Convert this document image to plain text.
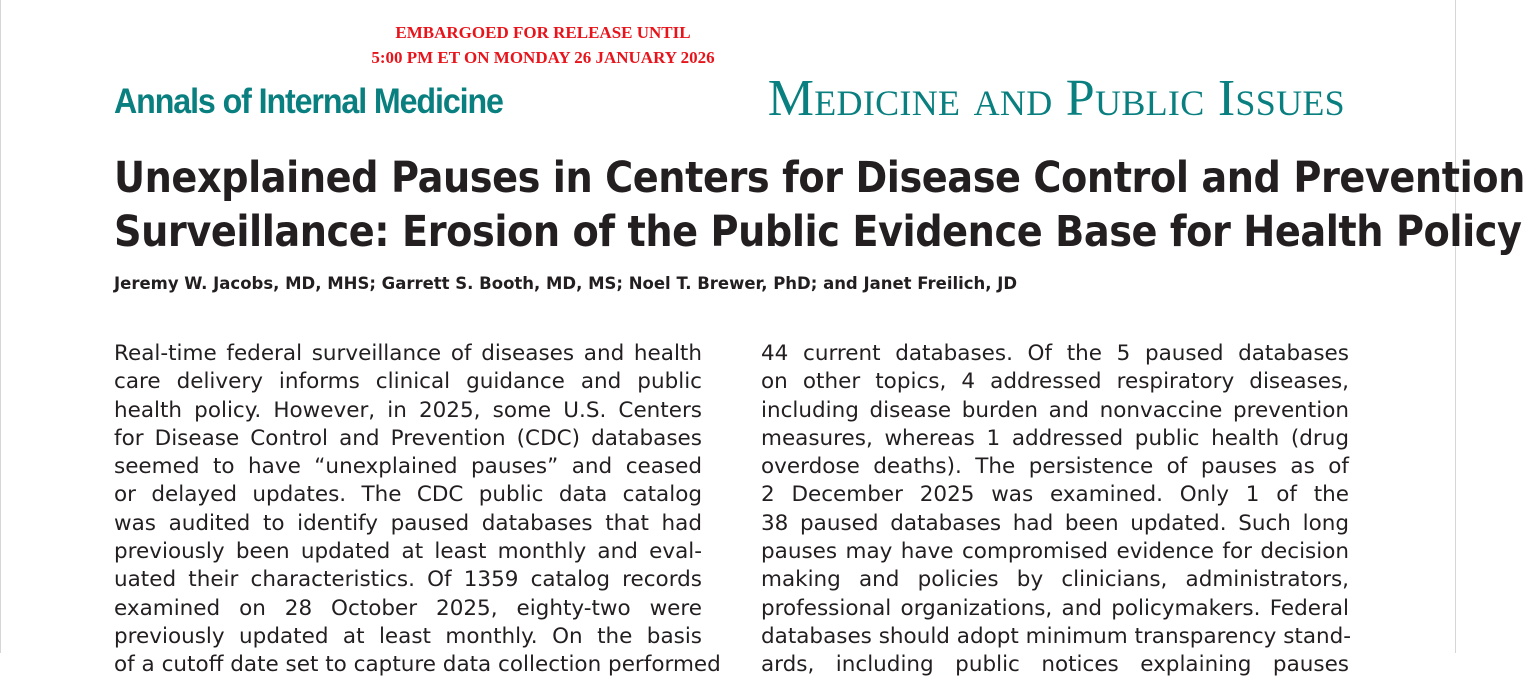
EMBARGOED FOR RELEASE UNTIL
5:00 PM ET ON MONDAY 26 JANUARY 2026
Annals of Internal Medicine	Medicine and Public Issues
Unexplained Pauses in Centers for Disease Control and Prevention
Surveillance: Erosion of the Public Evidence Base for Health Policy
Jeremy W. Jacobs, MD, MHS; Garrett S. Booth, MD, MS; Noel T. Brewer, PhD; and Janet Freilich, JD
Real-time federal surveillance of diseases and health
care delivery informs clinical guidance and public
health policy. However, in 2025, some U.S. Centers
for Disease Control and Prevention (CDC) databases
seemed to have “unexplained pauses” and ceased
or delayed updates. The CDC public data catalog
was audited to identify paused databases that had
previously been updated at least monthly and eval-
uated their characteristics. Of 1359 catalog records
examined on 28 October 2025, eighty-two were
previously updated at least monthly. On the basis
of a cutoff date set to capture data collection performed
44 current databases. Of the 5 paused databases
on other topics, 4 addressed respiratory diseases,
including disease burden and nonvaccine prevention
measures, whereas 1 addressed public health (drug
overdose deaths). The persistence of pauses as of
2 December 2025 was examined. Only 1 of the
38 paused databases had been updated. Such long
pauses may have compromised evidence for decision
making and policies by clinicians, administrators,
professional organizations, and policymakers. Federal
databases should adopt minimum transparency stand-
ards, including public notices explaining pauses
